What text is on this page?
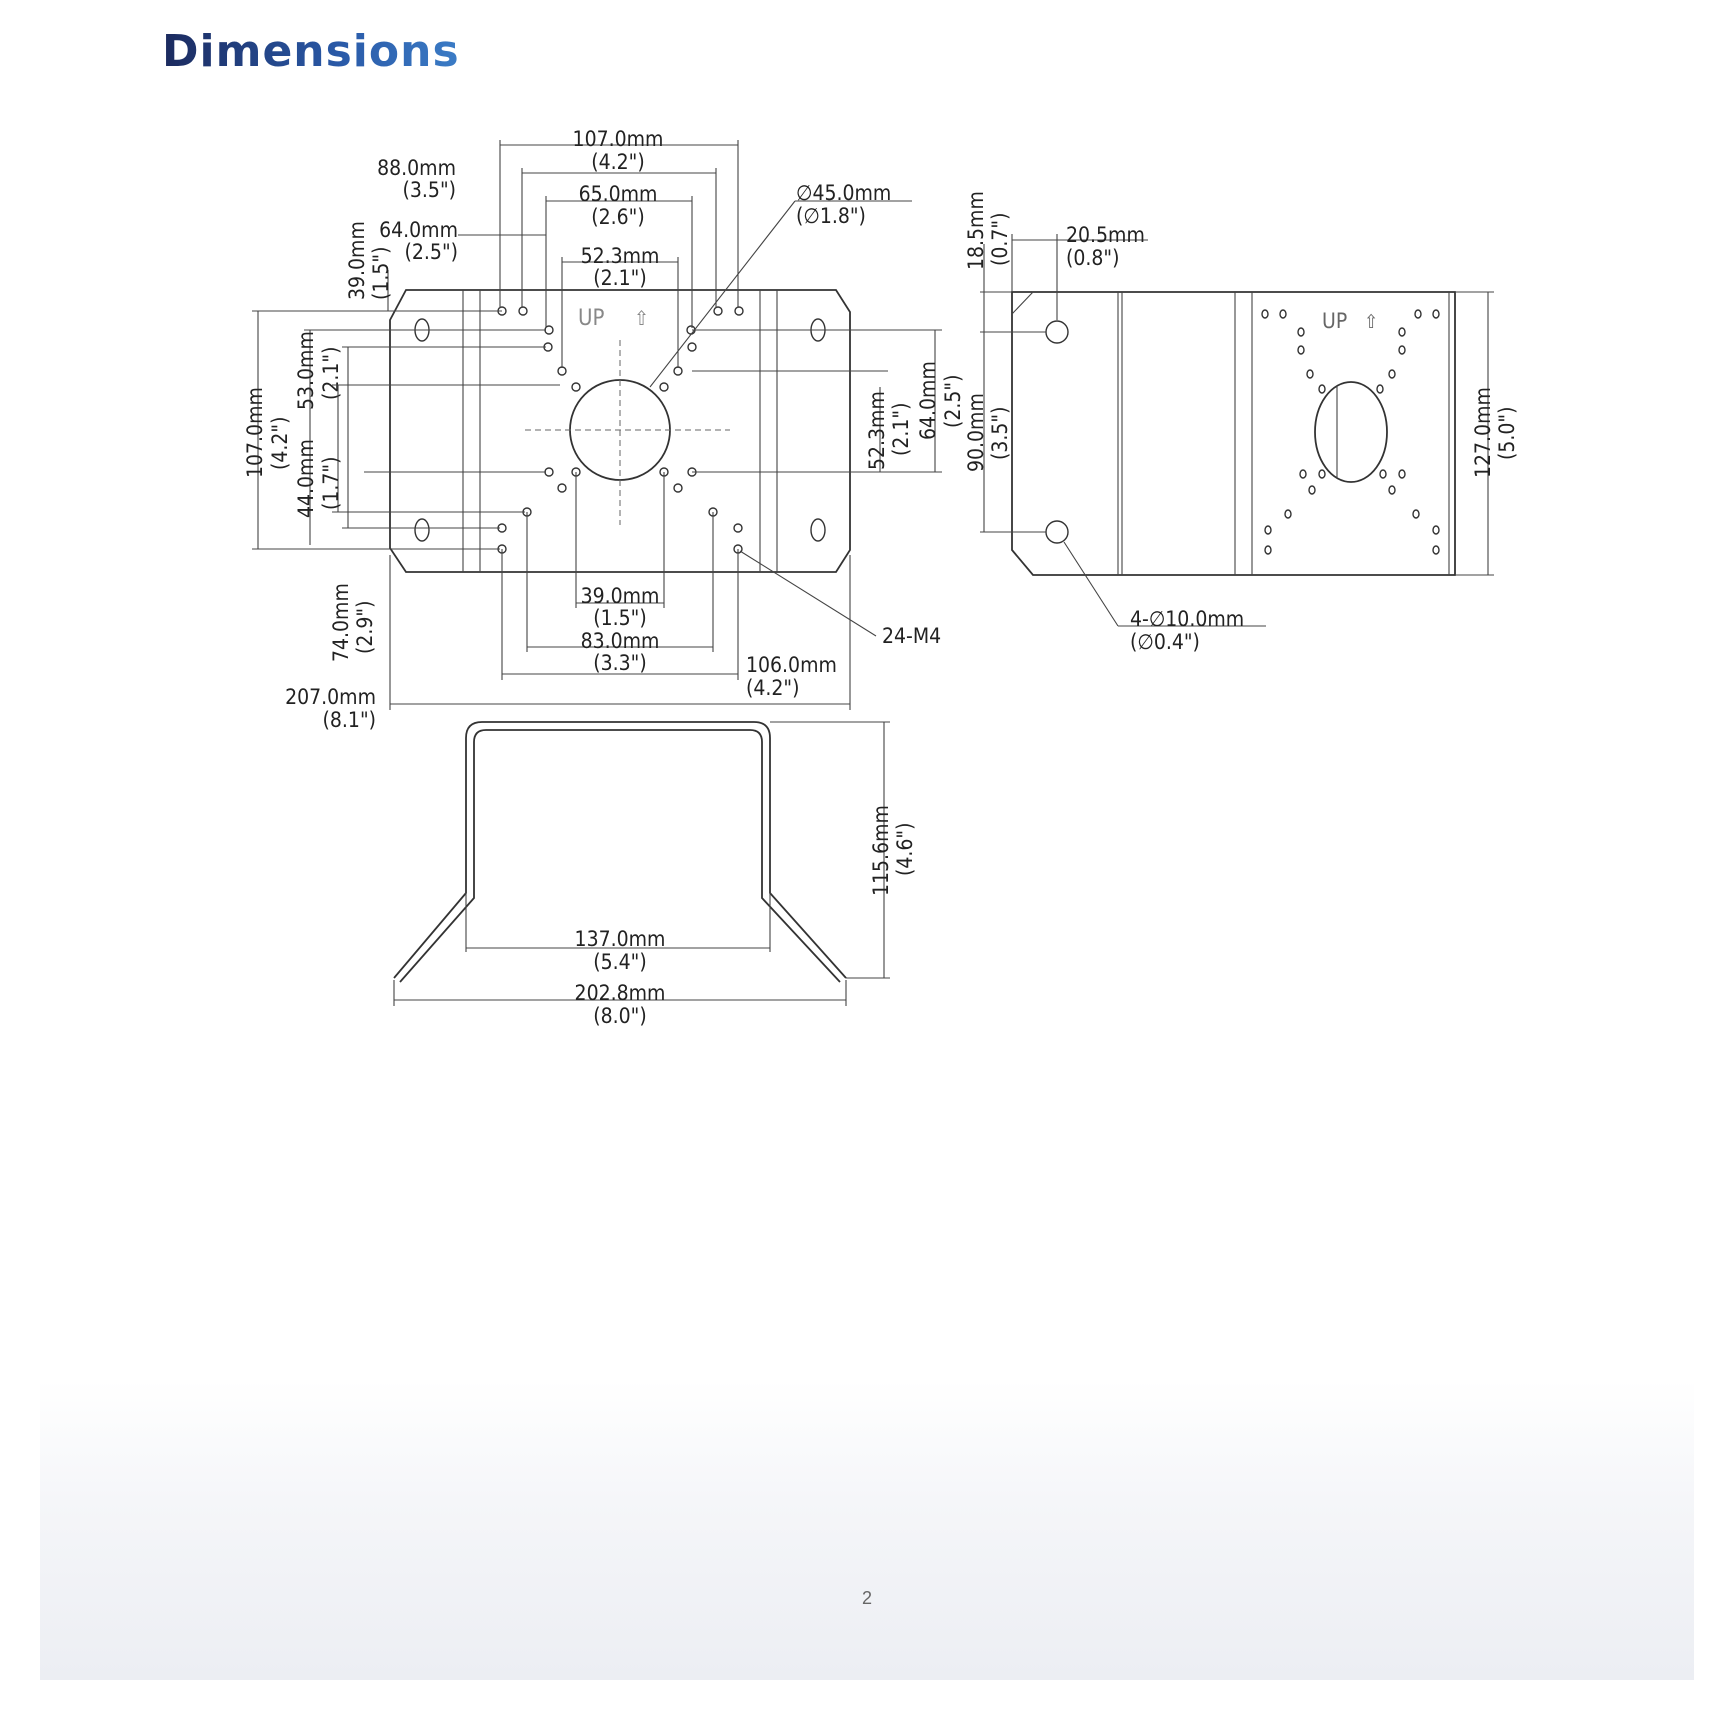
Dimensions
UP ⇧
107.0mm
(4.2")
88.0mm
(3.5")	65.0mm
(2.6")
64.0mm
(2.5")	52.3mm
(2.1")
39.0mm (1.5")
∅45.0mm
(∅1.8")
107.0mm (4.2")
53.0mm (2.1")
44.0mm (1.7")
74.0mm (2.9")
52.3mm (2.1") 64.0mm (2.5")
39.0mm
(1.5")
83.0mm
(3.3")	106.0mm
(4.2")
24-M4
207.0mm
(8.1")
115.6mm (4.6")
137.0mm
(5.4")
202.8mm
(8.0")
UP ⇧
18.5mm (0.7")	20.5mm
(0.8")
90.0mm (3.5")	127.0mm (5.0")
4-∅10.0mm
(∅0.4")
2
